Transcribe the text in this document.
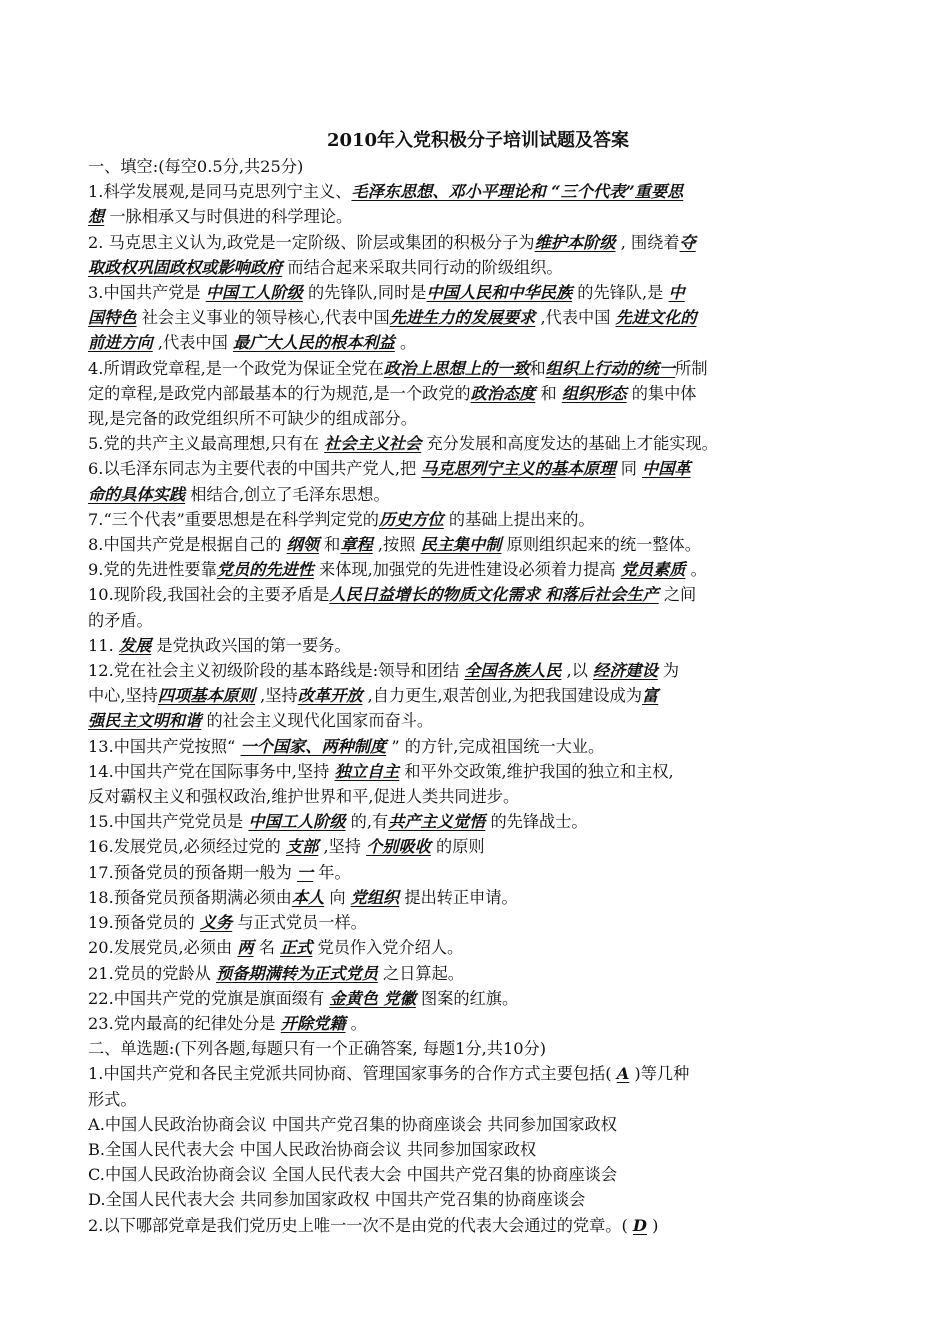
2010年入党积极分子培训试题及答案
一、填空:(每空0.5分,共25分)
1.科学发展观,是同马克思列宁主义、毛泽东思想、邓小平理论和 “三个代表”重要思
想 一脉相承又与时俱进的科学理论。
2. 马克思主义认为,政党是一定阶级、阶层或集团的积极分子为维护本阶级 , 围绕着夺
取政权巩固政权或影响政府 而结合起来采取共同行动的阶级组织。
3.中国共产党是 中国工人阶级 的先锋队,同时是中国人民和中华民族 的先锋队,是 中
国特色 社会主义事业的领导核心,代表中国先进生力的发展要求 ,代表中国 先进文化的
前进方向 ,代表中国 最广大人民的根本利益 。
4.所谓政党章程,是一个政党为保证全党在政治上思想上的一致和组织上行动的统一所制
定的章程,是政党内部最基本的行为规范,是一个政党的政治态度 和 组织形态 的集中体
现,是完备的政党组织所不可缺少的组成部分。
5.党的共产主义最高理想,只有在 社会主义社会 充分发展和高度发达的基础上才能实现。
6.以毛泽东同志为主要代表的中国共产党人,把 马克思列宁主义的基本原理 同 中国革
命的具体实践 相结合,创立了毛泽东思想。
7.“三个代表”重要思想是在科学判定党的历史方位 的基础上提出来的。
8.中国共产党是根据自己的 纲领 和章程 ,按照 民主集中制 原则组织起来的统一整体。
9.党的先进性要靠党员的先进性 来体现,加强党的先进性建设必须着力提高 党员素质 。
10.现阶段,我国社会的主要矛盾是人民日益增长的物质文化需求 和落后社会生产 之间
的矛盾。
11. 发展 是党执政兴国的第一要务。
12.党在社会主义初级阶段的基本路线是:领导和团结 全国各族人民 ,以 经济建设 为
中心,坚持四项基本原则 ,坚持改革开放 ,自力更生,艰苦创业,为把我国建设成为富
强民主文明和谐 的社会主义现代化国家而奋斗。
13.中国共产党按照“ 一个国家、两种制度 ” 的方针,完成祖国统一大业。
14.中国共产党在国际事务中,坚持 独立自主 和平外交政策,维护我国的独立和主权,
反对霸权主义和强权政治,维护世界和平,促进人类共同进步。
15.中国共产党党员是 中国工人阶级 的,有共产主义觉悟 的先锋战士。
16.发展党员,必须经过党的 支部 ,坚持 个别吸收 的原则
17.预备党员的预备期一般为 一 年。
18.预备党员预备期满必须由本人 向 党组织 提出转正申请。
19.预备党员的 义务 与正式党员一样。
20.发展党员,必须由 两 名 正式 党员作入党介绍人。
21.党员的党龄从 预备期满转为正式党员 之日算起。
22.中国共产党的党旗是旗面缀有 金黄色 党徽 图案的红旗。
23.党内最高的纪律处分是 开除党籍 。
二、单选题:(下列各题,每题只有一个正确答案, 每题1分,共10分)
1.中国共产党和各民主党派共同协商、管理国家事务的合作方式主要包括( A )等几种
形式。
A.中国人民政治协商会议 中国共产党召集的协商座谈会 共同参加国家政权
B.全国人民代表大会 中国人民政治协商会议 共同参加国家政权
C.中国人民政治协商会议 全国人民代表大会 中国共产党召集的协商座谈会
D.全国人民代表大会 共同参加国家政权 中国共产党召集的协商座谈会
2.以下哪部党章是我们党历史上唯一一次不是由党的代表大会通过的党章。( D )
